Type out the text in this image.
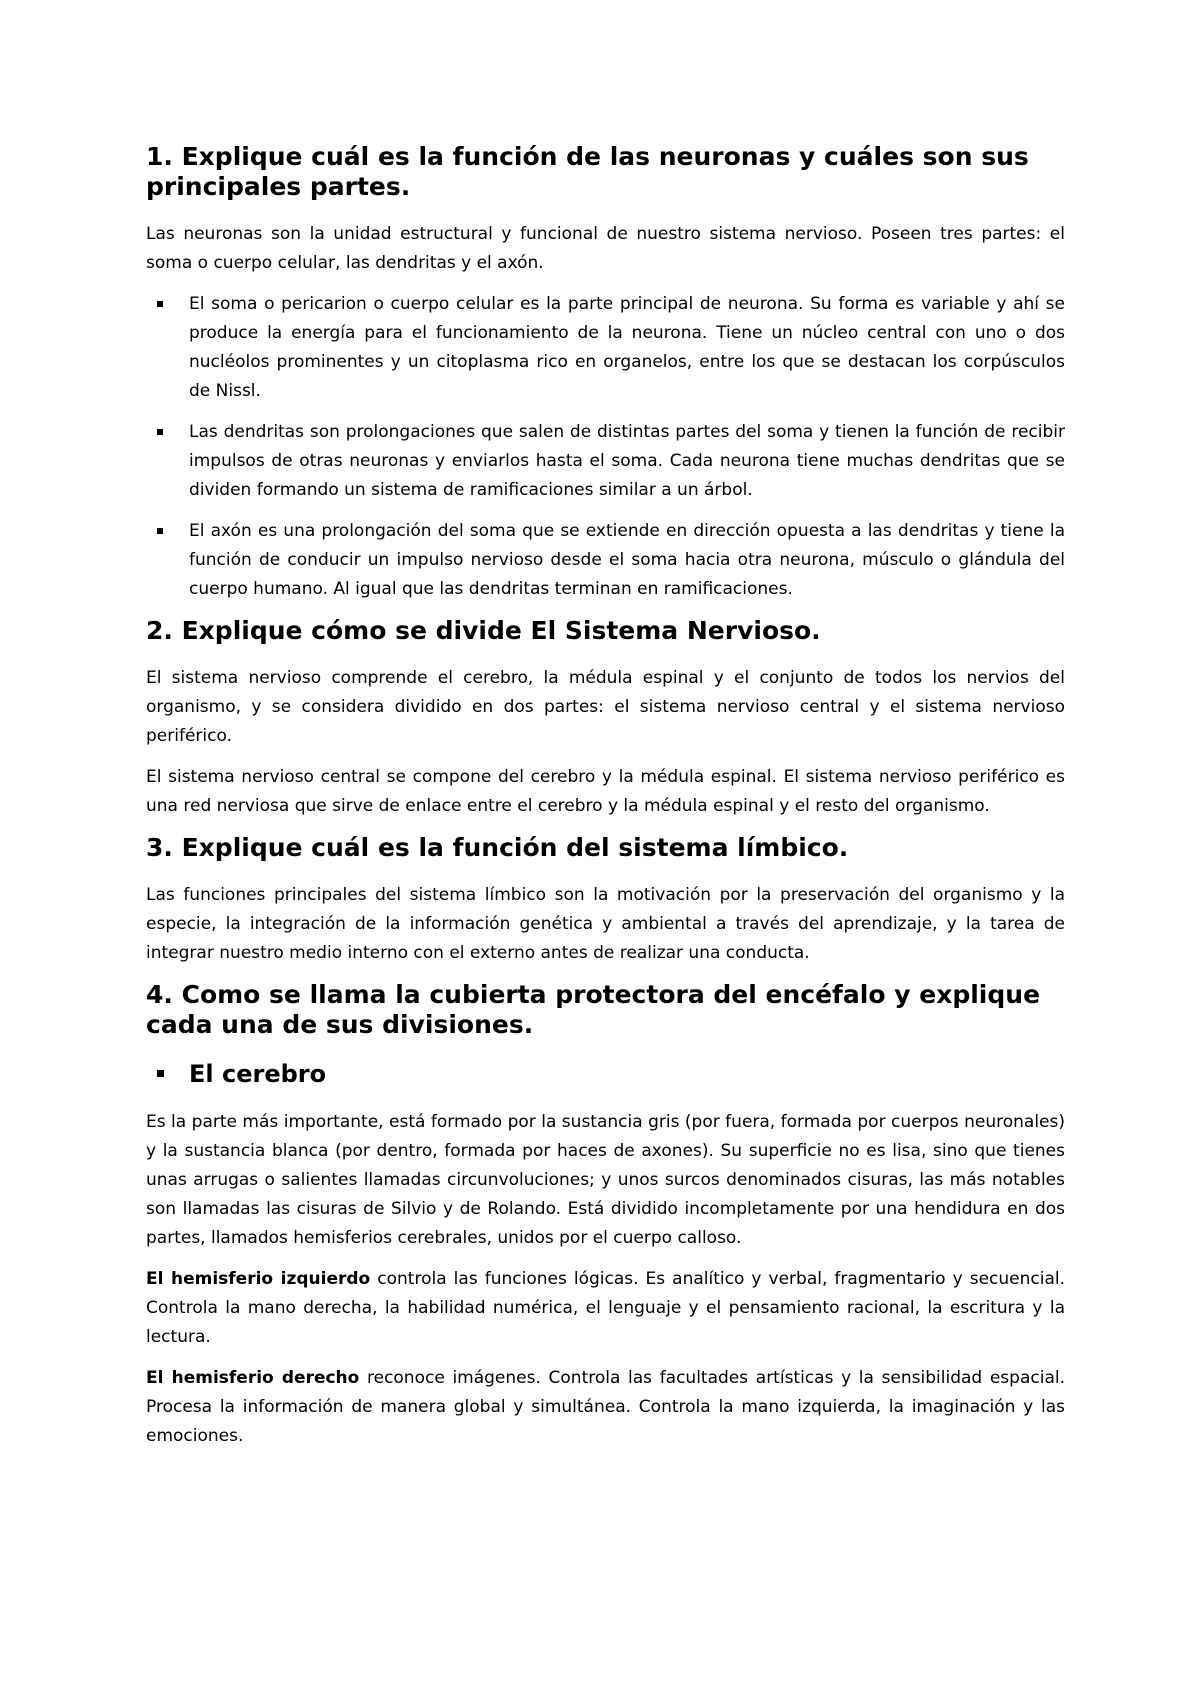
1. Explique cuál es la función de las neuronas y cuáles son sus principales partes.

Las neuronas son la unidad estructural y funcional de nuestro sistema nervioso. Poseen tres partes: el soma o cuerpo celular, las dendritas y el axón.

El soma o pericarion o cuerpo celular es la parte principal de neurona. Su forma es variable y ahí se produce la energía para el funcionamiento de la neurona. Tiene un núcleo central con uno o dos nucléolos prominentes y un citoplasma rico en organelos, entre los que se destacan los corpúsculos de Nissl.
Las dendritas son prolongaciones que salen de distintas partes del soma y tienen la función de recibir impulsos de otras neuronas y enviarlos hasta el soma. Cada neurona tiene muchas dendritas que se dividen formando un sistema de ramificaciones similar a un árbol.
El axón es una prolongación del soma que se extiende en dirección opuesta a las dendritas y tiene la función de conducir un impulso nervioso desde el soma hacia otra neurona, músculo o glándula del cuerpo humano. Al igual que las dendritas terminan en ramificaciones.
2. Explique cómo se divide El Sistema Nervioso.

El sistema nervioso comprende el cerebro, la médula espinal y el conjunto de todos los nervios del organismo, y se considera dividido en dos partes: el sistema nervioso central y el sistema nervioso periférico.

El sistema nervioso central se compone del cerebro y la médula espinal. El sistema nervioso periférico es una red nerviosa que sirve de enlace entre el cerebro y la médula espinal y el resto del organismo.

3. Explique cuál es la función del sistema límbico.

Las funciones principales del sistema límbico son la motivación por la preservación del organismo y la especie, la integración de la información genética y ambiental a través del aprendizaje, y la tarea de integrar nuestro medio interno con el externo antes de realizar una conducta.

4. Como se llama la cubierta protectora del encéfalo y explique cada una de sus divisiones.
El cerebro

Es la parte más importante, está formado por la sustancia gris (por fuera, formada por cuerpos neuronales) y la sustancia blanca (por dentro, formada por haces de axones). Su superficie no es lisa, sino que tienes unas arrugas o salientes llamadas circunvoluciones; y unos surcos denominados cisuras, las más notables son llamadas las cisuras de Silvio y de Rolando. Está dividido incompletamente por una hendidura en dos partes, llamados hemisferios cerebrales, unidos por el cuerpo calloso.

El hemisferio izquierdo controla las funciones lógicas. Es analítico y verbal, fragmentario y secuencial. Controla la mano derecha, la habilidad numérica, el lenguaje y el pensamiento racional, la escritura y la lectura.

El hemisferio derecho reconoce imágenes. Controla las facultades artísticas y la sensibilidad espacial. Procesa la información de manera global y simultánea. Controla la mano izquierda, la imaginación y las emociones.
